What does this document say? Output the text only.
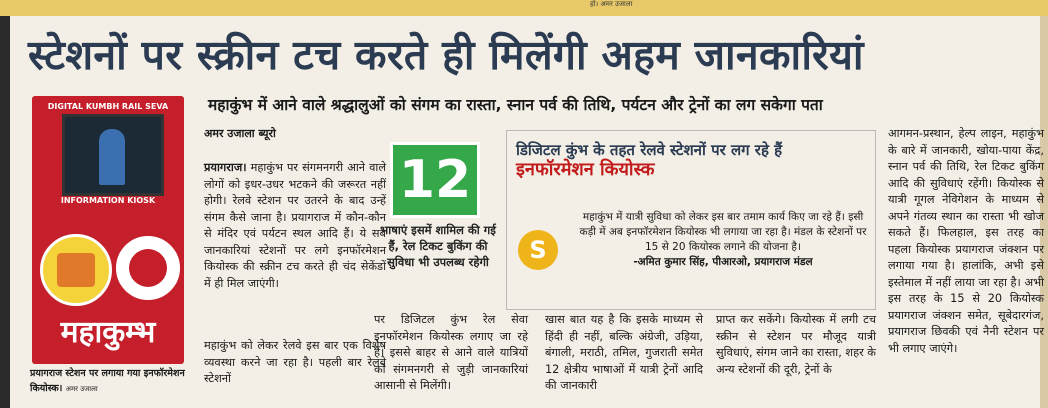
हो। अमर उजाला
स्टेशनों पर स्क्रीन टच करते ही मिलेंगी अहम जानकारियां
महाकुंभ में आने वाले श्रद्धालुओं को संगम का रास्ता, स्नान पर्व की तिथि, पर्यटन और ट्रेनों का लग सकेगा पता
DIGITAL KUMBH RAIL SEVA
INFORMATION KIOSK
महाकुम्भ
प्रयागराज स्टेशन पर लगाया गया इनफॉरमेशन कियोस्क। अमर उजाला
अमर उजाला ब्यूरो
प्रयागराज। महाकुंभ पर संगमनगरी आने वाले लोगों को इधर-उधर भटकने की जरूरत नहीं होगी। रेलवे स्टेशन पर उतरने के बाद उन्हें संगम कैसे जाना है। प्रयागराज में कौन-कौन से मंदिर एवं पर्यटन स्थल आदि हैं। ये सब जानकारियां स्टेशनों पर लगे इनफॉरमेशन कियोस्क की स्क्रीन टच करते ही चंद सेकेंडों में ही मिल जाएंगी।
महाकुंभ को लेकर रेलवे इस बार एक विशेष व्यवस्था करने जा रहा है। पहली बार रेलवे स्टेशनों
12
भाषाएं इसमें शामिल की गई हैं, रेल टिकट बुकिंग की सुविधा भी उपलब्ध रहेगी
डिजिटल कुंभ के तहत रेलवे स्टेशनों पर लग रहे हैं इनफॉरमेशन कियोस्क
S
महाकुंभ में यात्री सुविधा को लेकर इस बार तमाम कार्य किए जा रहे हैं। इसी कड़ी में अब इनफॉरमेशन कियोस्क भी लगाया जा रहा है। मंडल के स्टेशनों पर 15 से 20 कियोस्क लगाने की योजना है।
-अमित कुमार सिंह, पीआरओ, प्रयागराज मंडल
पर डिजिटल कुंभ रेल सेवा इनफॉरमेशन कियोस्क लगाए जा रहे हैं। इससे बाहर से आने वाले यात्रियों को संगमनगरी से जुड़ी जानकारियां आसानी से मिलेंगी।
खास बात यह है कि इसके माध्यम से हिंदी ही नहीं, बल्कि अंग्रेजी, उड़िया, बंगाली, मराठी, तमिल, गुजराती समेत 12 क्षेत्रीय भाषाओं में यात्री ट्रेनों आदि की जानकारी
प्राप्त कर सकेंगे। कियोस्क में लगी टच स्क्रीन से स्टेशन पर मौजूद यात्री सुविधाएं, संगम जाने का रास्ता, शहर के अन्य स्टेशनों की दूरी, ट्रेनों के
आगमन-प्रस्थान, हेल्प लाइन, महाकुंभ के बारे में जानकारी, खोया-पाया केंद्र, स्नान पर्व की तिथि, रेल टिकट बुकिंग आदि की सुविधाएं रहेंगी। कियोस्क से यात्री गूगल नेविगेशन के माध्यम से अपने गंतव्य स्थान का रास्ता भी खोज सकते हैं। फिलहाल, इस तरह का पहला कियोस्क प्रयागराज जंक्शन पर लगाया गया है। हालांकि, अभी इसे इस्तेमाल में नहीं लाया जा रहा है। अभी इस तरह के 15 से 20 कियोस्क प्रयागराज जंक्शन समेत, सूबेदारगंज, प्रयागराज छिवकी एवं नैनी स्टेशन पर भी लगाए जाएंगे।
